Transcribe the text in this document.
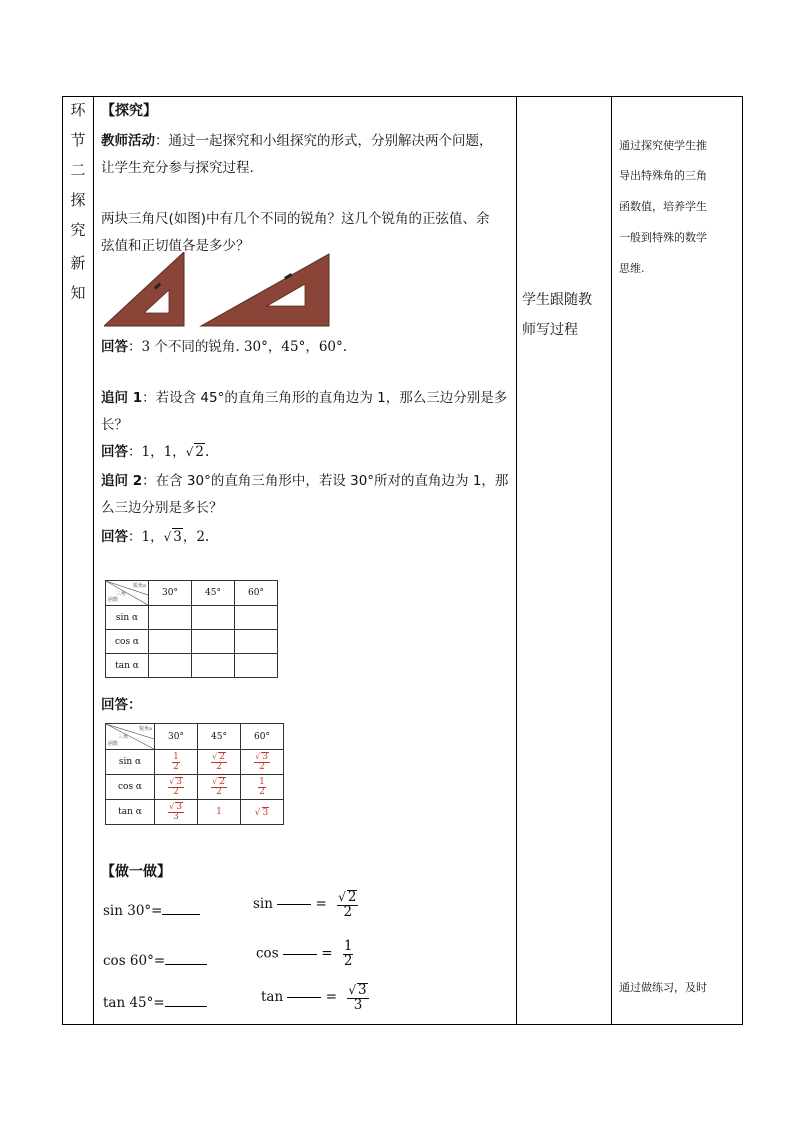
环
节
二
探
究
新
知
【探究】
教师活动：通过一起探究和小组探究的形式，分别解决两个问题，
让学生充分参与探究过程.
两块三角尺(如图)中有几个不同的锐角？这几个锐角的正弦值、余
弦值和正切值各是多少？
回答：3 个不同的锐角. 30°，45°，60°.
追问 1：若设含 45°的直角三角形的直角边为 1，那么三边分别是多
长？
回答：1，1，√ 2.
追问 2：在含 30°的直角三角形中，若设 30°所对的直角边为 1，那
么三边分别是多长？
回答：1，√ 3，2.
锐角a
三角
函数	30°	45°	60°
sin α			
cos α			
tan α			
回答：
锐角a
三角
函数	30°	45°	60°
sin α	$\frac{1}{2}$	$\frac{√ 2}{2}$	$\frac{√ 3}{2}$

cos α	$\frac{√ 3}{2}$	$\frac{√ 2}{2}$	$\frac{1}{2}$

tan α	$\frac{√ 3}{3}$	1	√ 3
【做一做】
sin 30°=	sin	= $\frac{√ 2}{2}$
cos 60°=	cos	= $\frac{1}{2}$
tan 45°=	tan	= $\frac{√ 3}{3}$
学生跟随教
师写过程
通过探究使学生推
导出特殊角的三角
函数值，培养学生
一般到特殊的数学
思维.
通过做练习，及时
